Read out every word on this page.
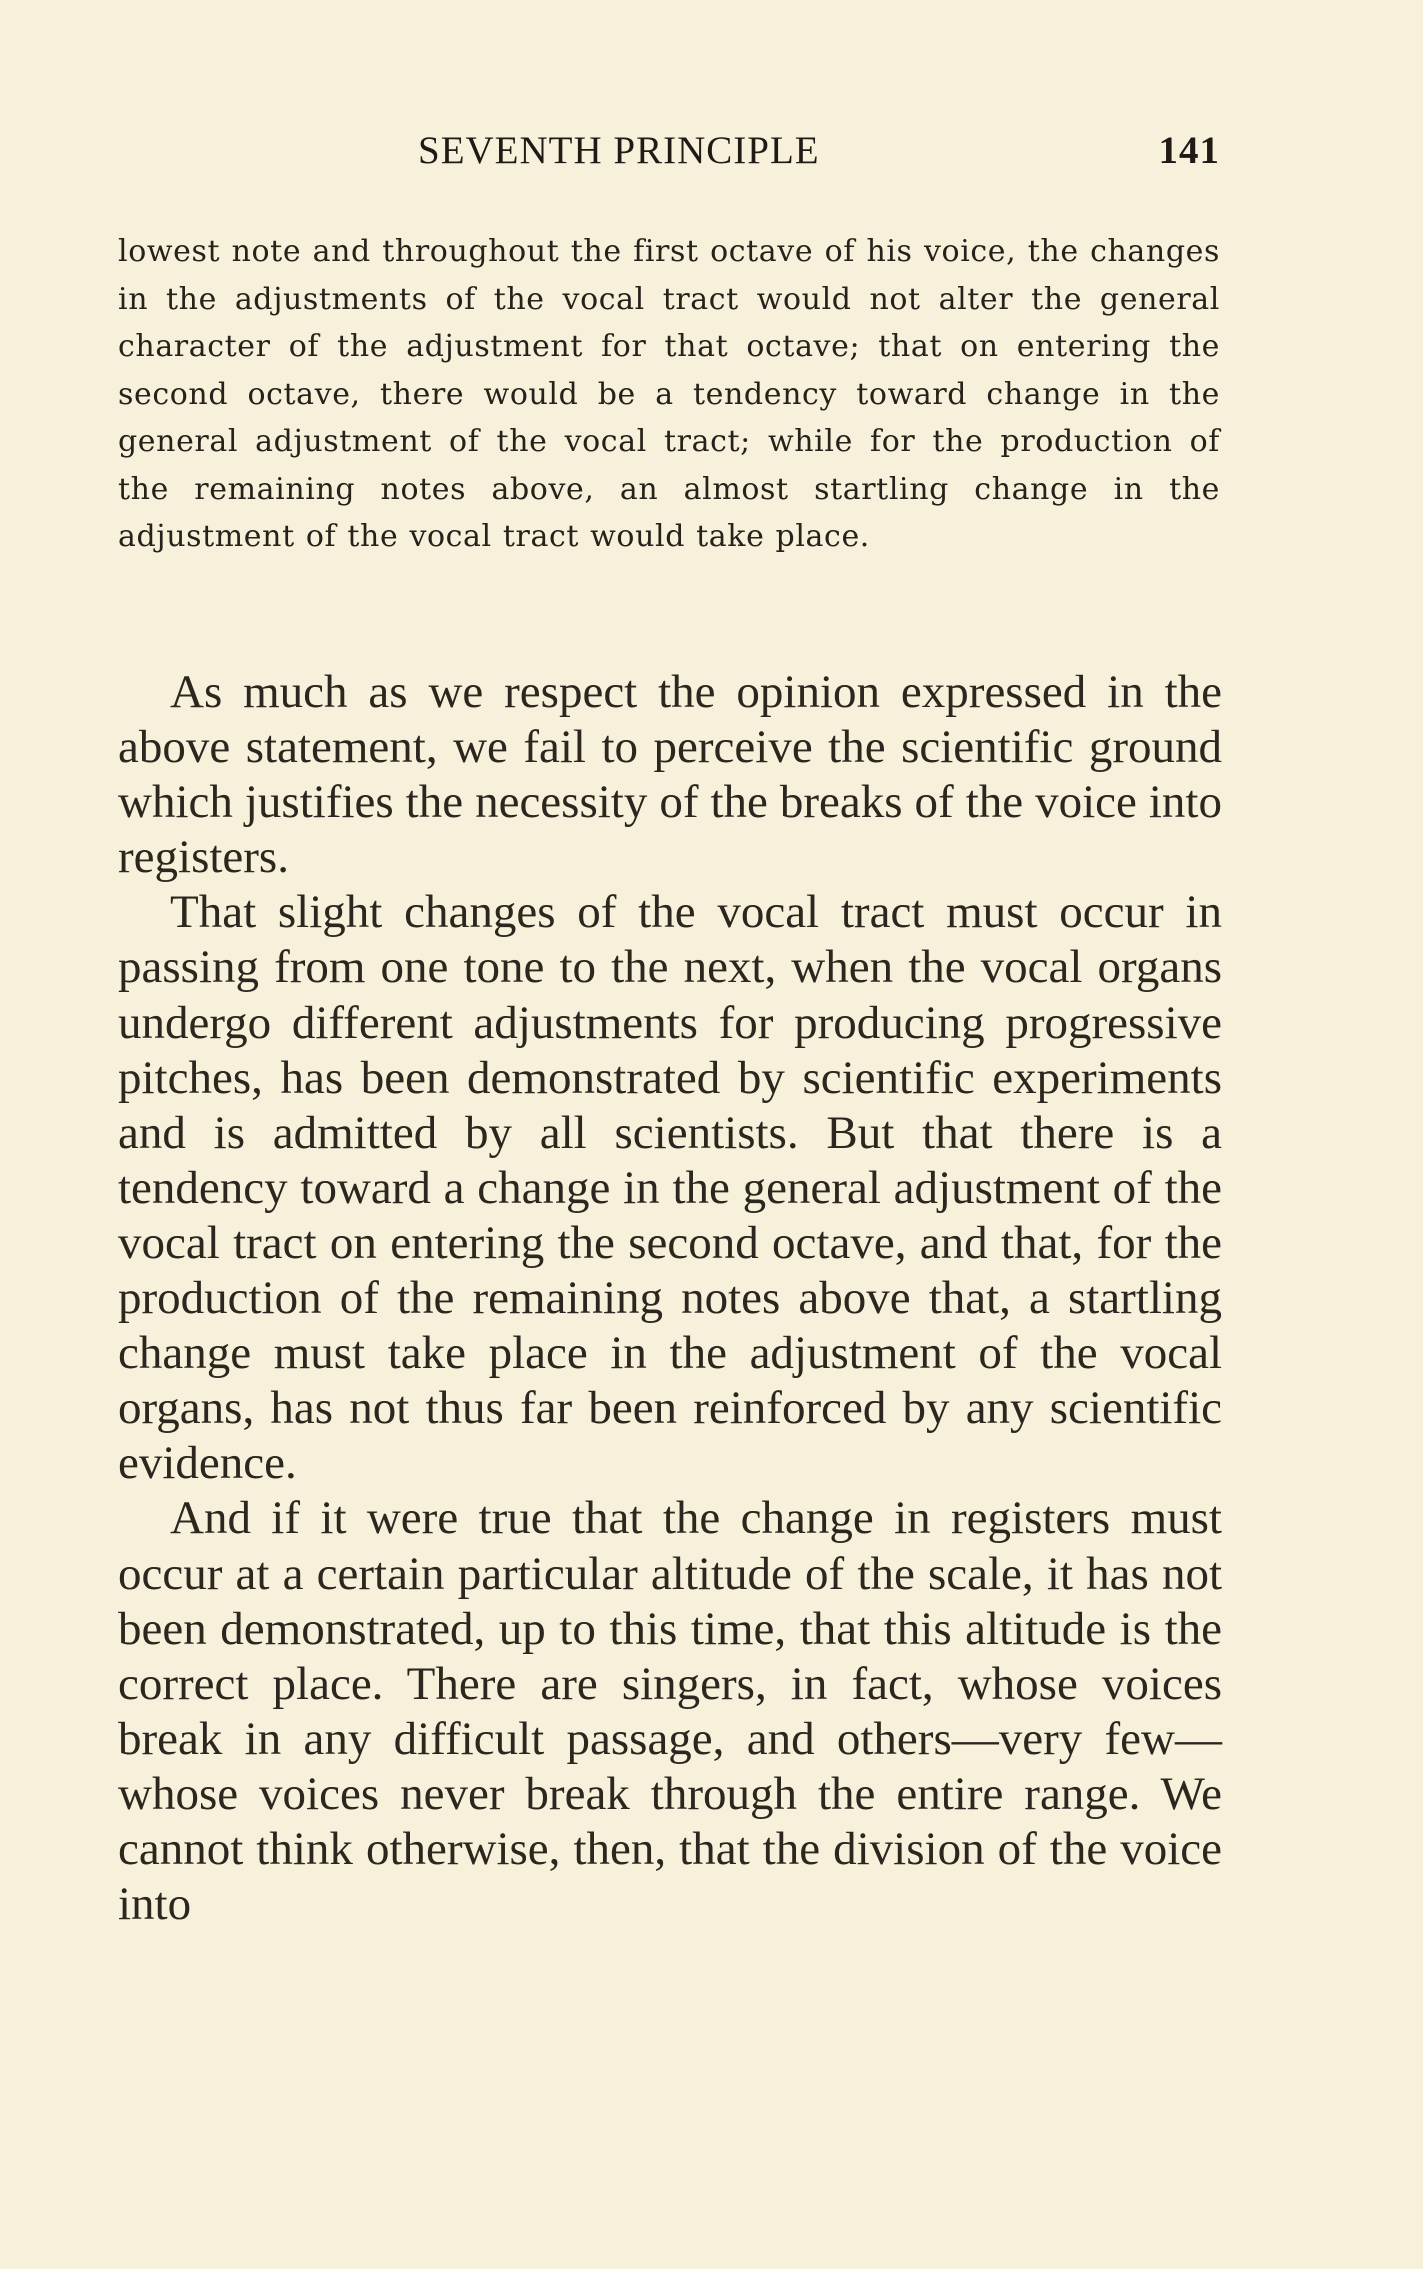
SEVENTH PRINCIPLE	141

lowest note and throughout the first octave of his voice, the changes in the adjustments of the vocal tract would not alter the general character of the adjustment for that octave; that on entering the second octave, there would be a tendency toward change in the general adjustment of the vocal tract; while for the production of the remaining notes above, an almost startling change in the adjustment of the vocal tract would take place.

As much as we respect the opinion expressed in the above statement, we fail to perceive the scientific ground which justifies the necessity of the breaks of the voice into registers.

That slight changes of the vocal tract must occur in passing from one tone to the next, when the vocal organs undergo different adjustments for producing progressive pitches, has been demonstrated by scientific experiments and is admitted by all scientists. But that there is a tendency toward a change in the general adjustment of the vocal tract on entering the second octave, and that, for the production of the remaining notes above that, a startling change must take place in the adjustment of the vocal organs, has not thus far been reinforced by any scientific evidence.

And if it were true that the change in registers must occur at a certain particular altitude of the scale, it has not been demonstrated, up to this time, that this altitude is the correct place. There are singers, in fact, whose voices break in any difficult passage, and others—very few—whose voices never break through the entire range. We cannot think otherwise, then, that the division of the voice into
